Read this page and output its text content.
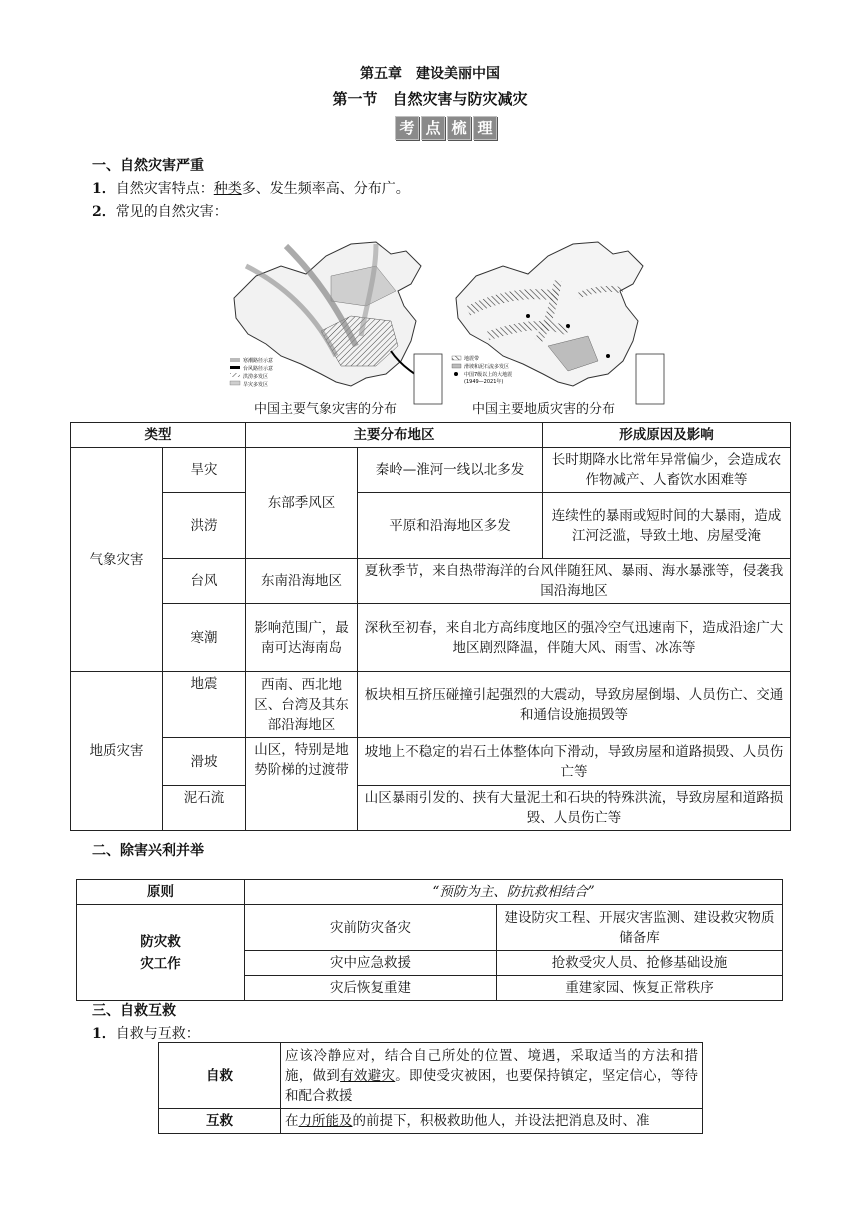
第五章　建设美丽中国
第一节　自然灾害与防灾减灾
考 点 梳 理
一、自然灾害严重
1．自然灾害特点：种类多、发生频率高、分布广。
2．常见的自然灾害：
寒潮路径示意
台风路径示意
洪涝多发区
旱灾多发区
中国主要气象灾害的分布
地震带
滑坡和泥石流多发区
中国7级以上的大地震
(1949—2021年)
中国主要地质灾害的分布
类型		主要分布地区		形成原因及影响
气象灾害	旱灾	东部季风区	秦岭—淮河一线以北多发	长时期降水比常年异常偏少，会造成农作物减产、人畜饮水困难等
	洪涝		平原和沿海地区多发	连续性的暴雨或短时间的大暴雨，造成江河泛滥，导致土地、房屋受淹
	台风	东南沿海地区	夏秋季节，来自热带海洋的台风伴随狂风、暴雨、海水暴涨等，侵袭我国沿海地区	
	寒潮	影响范围广，最南可达海南岛	深秋至初春，来自北方高纬度地区的强冷空气迅速南下，造成沿途广大地区剧烈降温，伴随大风、雨雪、冰冻等	
地质灾害	地震	西南、西北地区、台湾及其东部沿海地区	板块相互挤压碰撞引起强烈的大震动，导致房屋倒塌、人员伤亡、交通和通信设施损毁等	
	滑坡	山区，特别是地势阶梯的过渡带	坡地上不稳定的岩石土体整体向下滑动，导致房屋和道路损毁、人员伤亡等	
	泥石流		山区暴雨引发的、挟有大量泥土和石块的特殊洪流，导致房屋和道路损毁、人员伤亡等	
二、除害兴利并举
原则	“预防为主、防抗救相结合”	
防灾救灾工作	灾前防灾备灾	建设防灾工程、开展灾害监测、建设救灾物质储备库
	灾中应急救援	抢救受灾人员、抢修基础设施
	灾后恢复重建	重建家园、恢复正常秩序
三、自救互救
1．自救与互救：
自救	应该冷静应对，结合自己所处的位置、境遇，采取适当的方法和措施，做到有效避灾。即使受灾被困，也要保持镇定，坚定信心，等待和配合救援
互救	在力所能及的前提下，积极救助他人，并设法把消息及时、准
